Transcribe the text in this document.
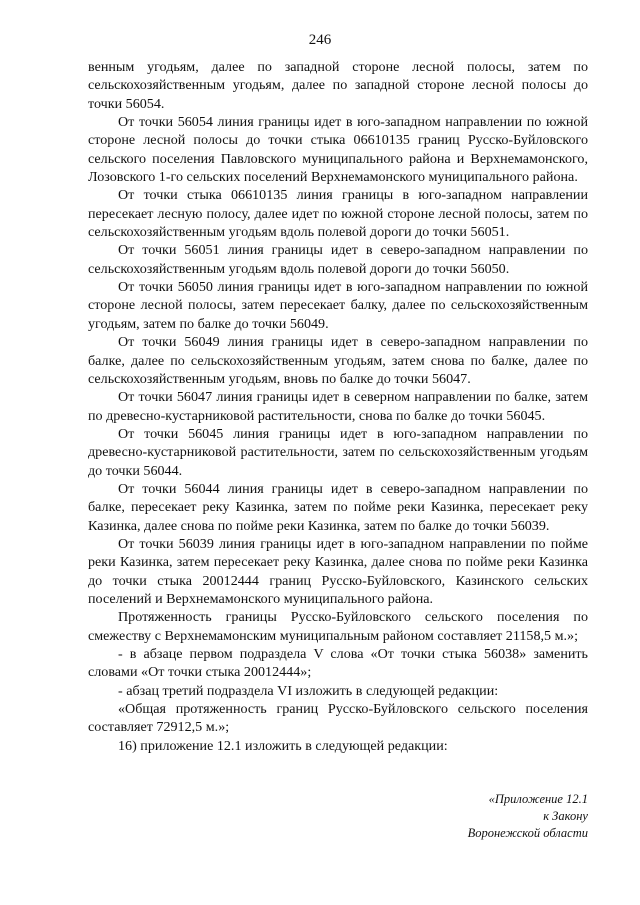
246

венным угодьям, далее по западной стороне лесной полосы, затем по сельскохозяйственным угодьям, далее по западной стороне лесной полосы до точки 56054.

От точки 56054 линия границы идет в юго-западном направлении по южной стороне лесной полосы до точки стыка 06610135 границ Русско-Буйловского сельского поселения Павловского муниципального района и Верхнемамонского, Лозовского 1-го сельских поселений Верхнемамонского муниципального района.

От точки стыка 06610135 линия границы в юго-западном направлении пересекает лесную полосу, далее идет по южной стороне лесной полосы, затем по сельскохозяйственным угодьям вдоль полевой дороги до точки 56051.

От точки 56051 линия границы идет в северо-западном направлении по сельскохозяйственным угодьям вдоль полевой дороги до точки 56050.

От точки 56050 линия границы идет в юго-западном направлении по южной стороне лесной полосы, затем пересекает балку, далее по сельскохозяйственным угодьям, затем по балке до точки 56049.

От точки 56049 линия границы идет в северо-западном направлении по балке, далее по сельскохозяйственным угодьям, затем снова по балке, далее по сельскохозяйственным угодьям, вновь по балке до точки 56047.

От точки 56047 линия границы идет в северном направлении по балке, затем по древесно-кустарниковой растительности, снова по балке до точки 56045.

От точки 56045 линия границы идет в юго-западном направлении по древесно-кустарниковой растительности, затем по сельскохозяйственным угодьям до точки 56044.

От точки 56044 линия границы идет в северо-западном направлении по балке, пересекает реку Казинка, затем по пойме реки Казинка, пересекает реку Казинка, далее снова по пойме реки Казинка, затем по балке до точки 56039.

От точки 56039 линия границы идет в юго-западном направлении по пойме реки Казинка, затем пересекает реку Казинка, далее снова по пойме реки Казинка до точки стыка 20012444 границ Русско-Буйловского, Казинского сельских поселений и Верхнемамонского муниципального района.

Протяженность границы Русско-Буйловского сельского поселения по смежеству с Верхнемамонским муниципальным районом составляет 21158,5 м.»;

- в абзаце первом подраздела V слова «От точки стыка 56038» заменить словами «От точки стыка 20012444»;

- абзац третий подраздела VI изложить в следующей редакции:

«Общая протяженность границ Русско-Буйловского сельского поселения составляет 72912,5 м.»;

16) приложение 12.1 изложить в следующей редакции:

«Приложение 12.1
к Закону
Воронежской области
